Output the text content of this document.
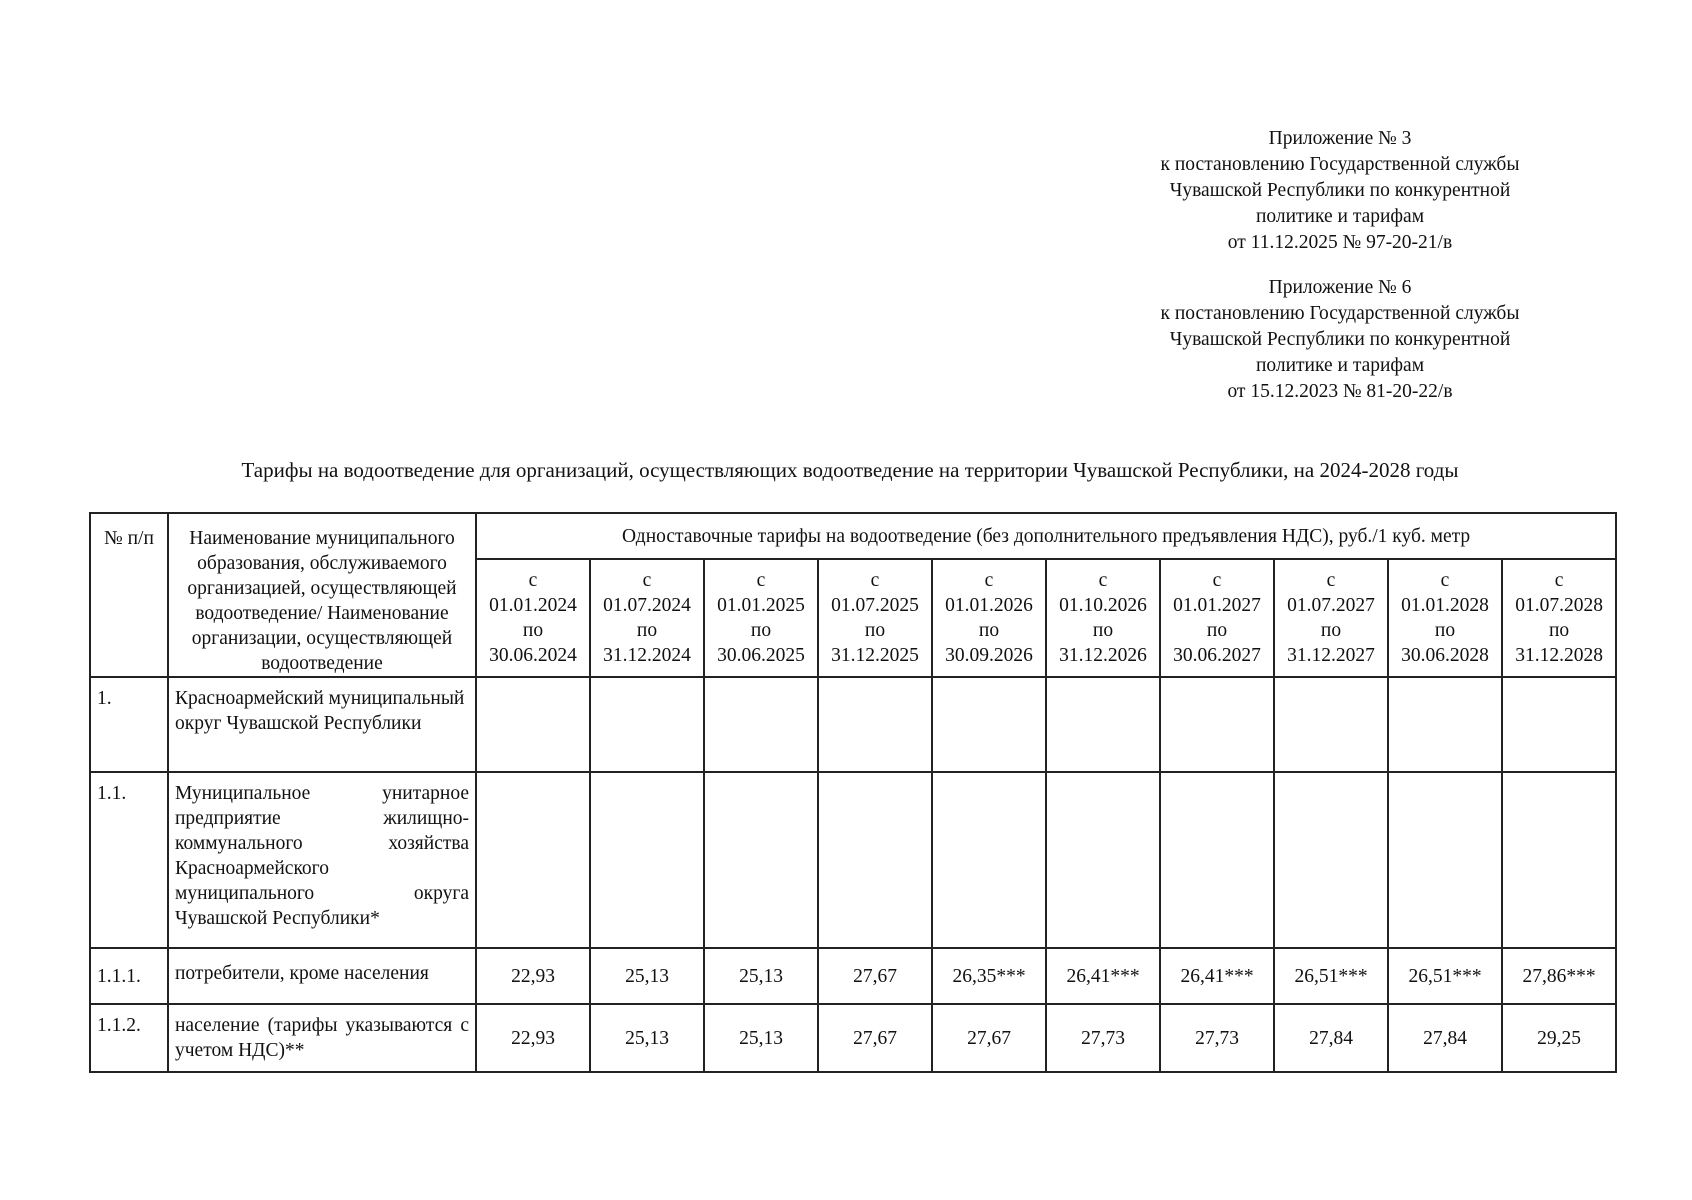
Приложение № 3
к постановлению Государственной службы
Чувашской Республики по конкурентной
политике и тарифам
от 11.12.2025 № 97-20-21/в
Приложение № 6
к постановлению Государственной службы
Чувашской Республики по конкурентной
политике и тарифам
от 15.12.2023 № 81-20-22/в
Тарифы на водоотведение для организаций, осуществляющих водоотведение на территории Чувашской Республики, на 2024-2028 годы
№ п/п	Наименование муниципального образования, обслуживаемого организацией, осуществляющей водоотведение/ Наименование организации, осуществляющей водоотведение	Одноставочные тарифы на водоотведение (без дополнительного предъявления НДС), руб./1 куб. метр									

		с
01.01.2024
по
30.06.2024	с
01.07.2024
по
31.12.2024	с
01.01.2025
по
30.06.2025	с
01.07.2025
по
31.12.2025	с
01.01.2026
по
30.09.2026	с
01.10.2026
по
31.12.2026	с
01.01.2027
по
30.06.2027	с
01.07.2027
по
31.12.2027	с
01.01.2028
по
30.06.2028	с
01.07.2028
по
31.12.2028

1.	Красноармейский муниципальный округ Чувашской Республики										
1.1.	Муниципальное унитарное предприятие жилищно-коммунального хозяйства Красноармейского муниципального округа Чувашской Республики*										
1.1.1.	потребители, кроме населения	22,93	25,13	25,13	27,67	26,35***	26,41***	26,41***	26,51***	26,51***	27,86***
1.1.2.	население (тарифы указываются с учетом НДС)**	22,93	25,13	25,13	27,67	27,67	27,73	27,73	27,84	27,84	29,25
